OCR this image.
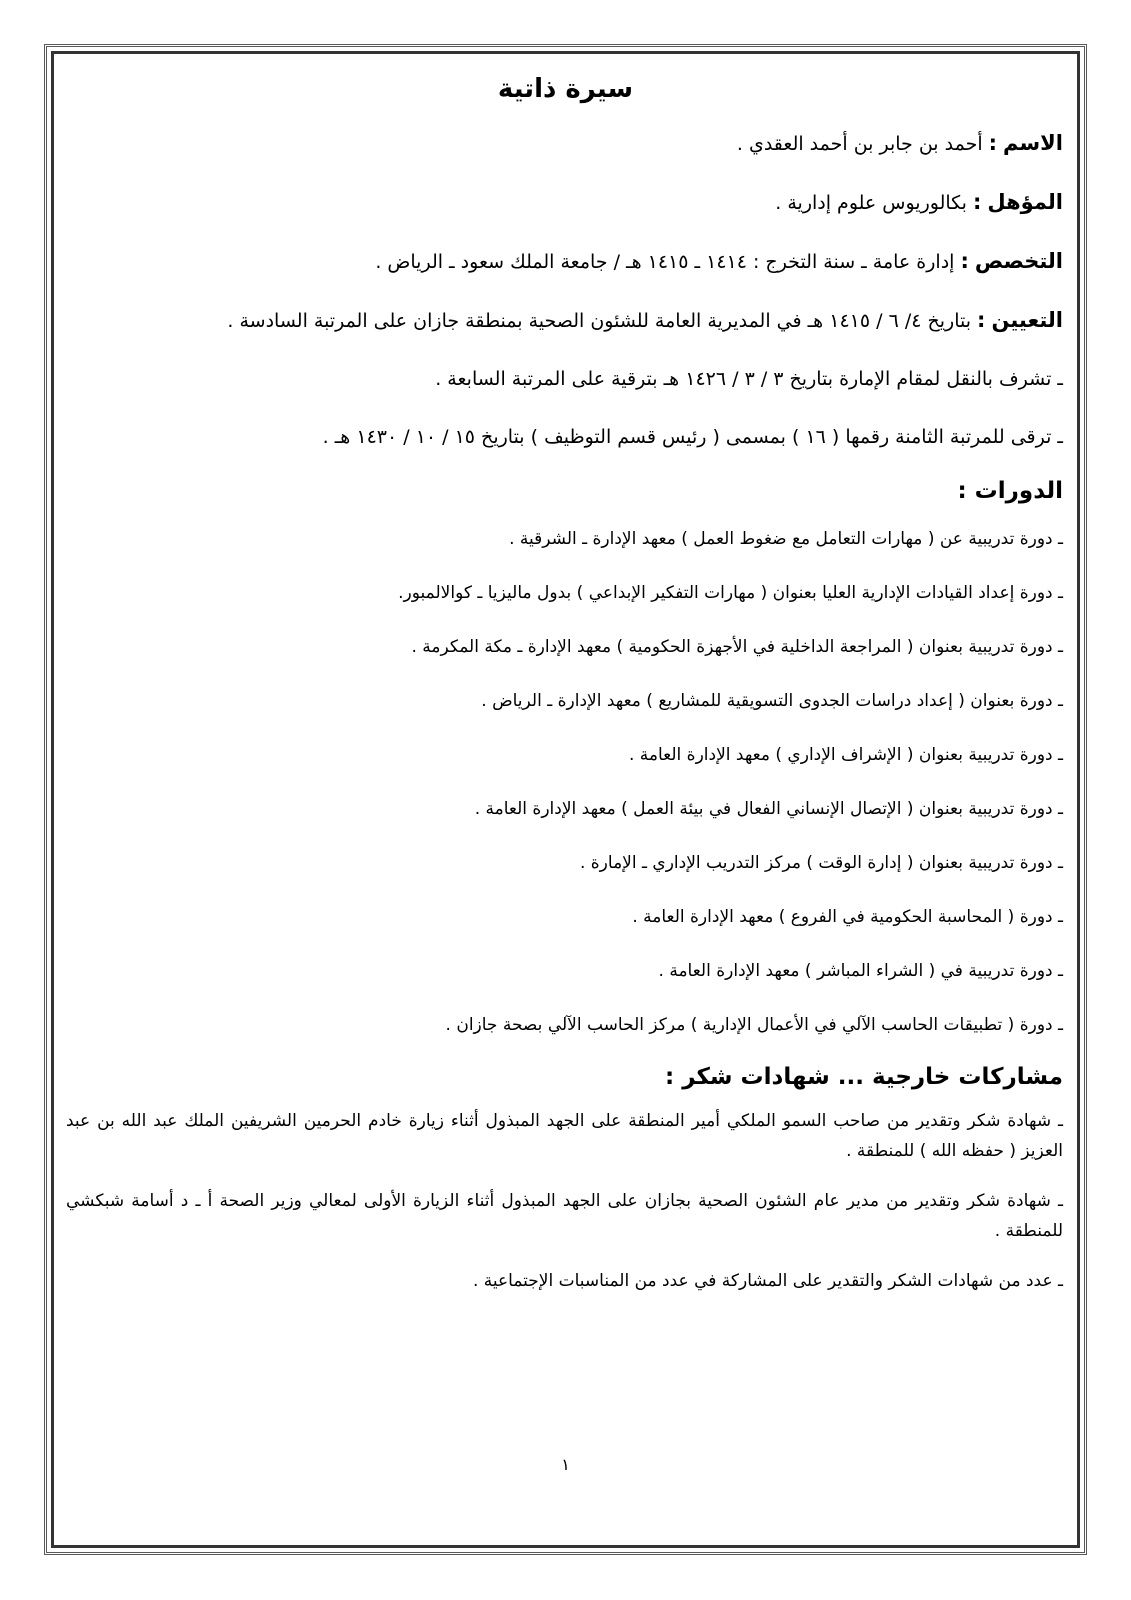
سيرة ذاتية
الاسم:أحمد بن جابر بن أحمد العقدي .
المؤهل:بكالوريوس علوم إدارية .
التخصص:إدارة عامة ـ سنة التخرج : ١٤١٤ ـ ١٤١٥ هـ / جامعة الملك سعود ـ الرياض .
التعيين:بتاريخ ٤/ ٦ / ١٤١٥ هـ في المديرية العامة للشئون الصحية بمنطقة جازان على المرتبة السادسة .
ـ تشرف بالنقل لمقام الإمارة بتاريخ ٣ / ٣ / ١٤٢٦ هـ بترقية على المرتبة السابعة .
ـ ترقى للمرتبة الثامنة رقمها ( ١٦ ) بمسمى ( رئيس قسم التوظيف ) بتاريخ ١٥ / ١٠ / ١٤٣٠ هـ .
الدورات :
ـ دورة تدريبية عن ( مهارات التعامل مع ضغوط العمل ) معهد الإدارة ـ الشرقية .
ـ دورة إعداد القيادات الإدارية العليا بعنوان ( مهارات التفكير الإبداعي ) بدول ماليزيا ـ كوالالمبور.
ـ دورة تدريبية بعنوان ( المراجعة الداخلية في الأجهزة الحكومية ) معهد الإدارة ـ مكة المكرمة .
ـ دورة بعنوان ( إعداد دراسات الجدوى التسويقية للمشاريع ) معهد الإدارة ـ الرياض .
ـ دورة تدريبية بعنوان ( الإشراف الإداري ) معهد الإدارة العامة .
ـ دورة تدريبية بعنوان ( الإتصال الإنساني الفعال في بيئة العمل ) معهد الإدارة العامة .
ـ دورة تدريبية بعنوان ( إدارة الوقت ) مركز التدريب الإداري ـ الإمارة .
ـ دورة ( المحاسبة الحكومية في الفروع ) معهد الإدارة العامة .
ـ دورة تدريبية في ( الشراء المباشر ) معهد الإدارة العامة .
ـ دورة ( تطبيقات الحاسب الآلي في الأعمال الإدارية ) مركز الحاسب الآلي بصحة جازان .
مشاركات خارجية ... شهادات شكر :
ـ شهادة شكر وتقدير من صاحب السمو الملكي أمير المنطقة على الجهد المبذول أثناء زيارة خادم الحرمين الشريفين الملك عبد الله بن عبد العزيز ( حفظه الله ) للمنطقة .
ـ شهادة شكر وتقدير من مدير عام الشئون الصحية بجازان على الجهد المبذول أثناء الزيارة الأولى لمعالي وزير الصحة أ ـ د أسامة شبكشي للمنطقة .
ـ عدد من شهادات الشكر والتقدير على المشاركة في عدد من المناسبات الإجتماعية .
١
